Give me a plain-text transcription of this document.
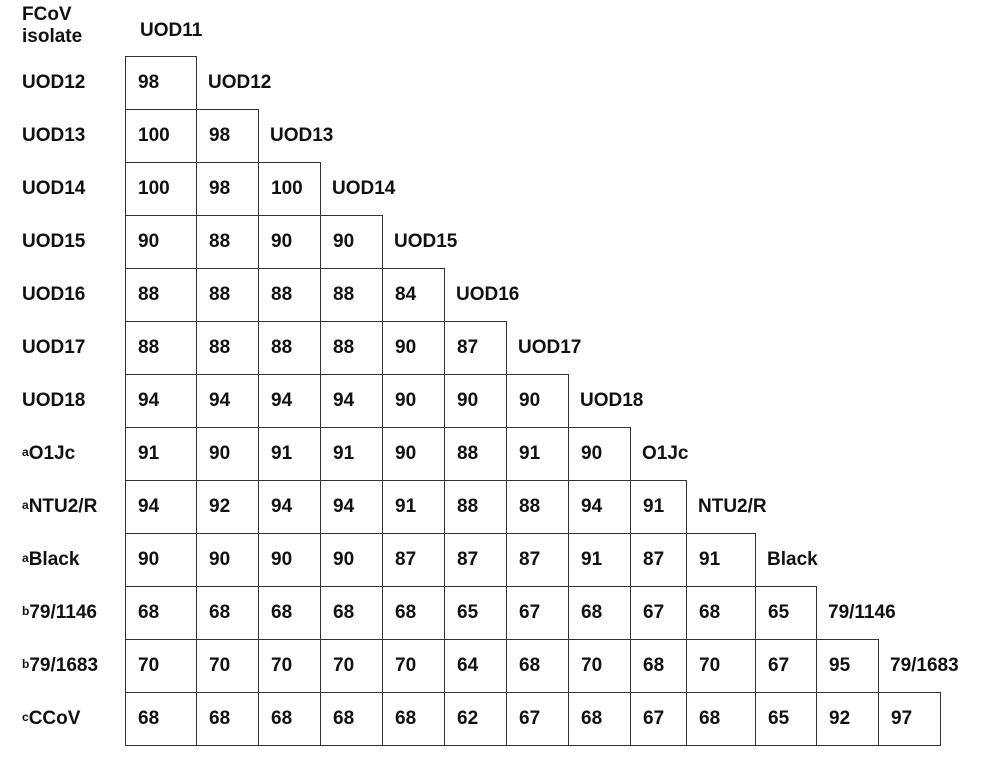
FCoV
isolate	UOD11
UOD12	98	UOD12
UOD13	100	98	UOD13
UOD14	100	98	100	UOD14
UOD15	90	88	90	90	UOD15
UOD16	88	88	88	88	84	UOD16
UOD17	88	88	88	88	90	87	UOD17
UOD18	94	94	94	94	90	90	90	UOD18
$^a$ O1Jc	91	90	91	91	90	88	91	90	O1Jc
$^a$ NTU2/R	94	92	94	94	91	88	88	94	91	NTU2/R
$^a$ Black	90	90	90	90	87	87	87	91	87	91	Black
$^b$ 79/1146	68	68	68	68	68	65	67	68	67	68	65	79/1146
$^b$ 79/1683	70	70	70	70	70	64	68	70	68	70	67	95	79/1683
$^c$ CCoV	68	68	68	68	68	62	67	68	67	68	65	92	97
